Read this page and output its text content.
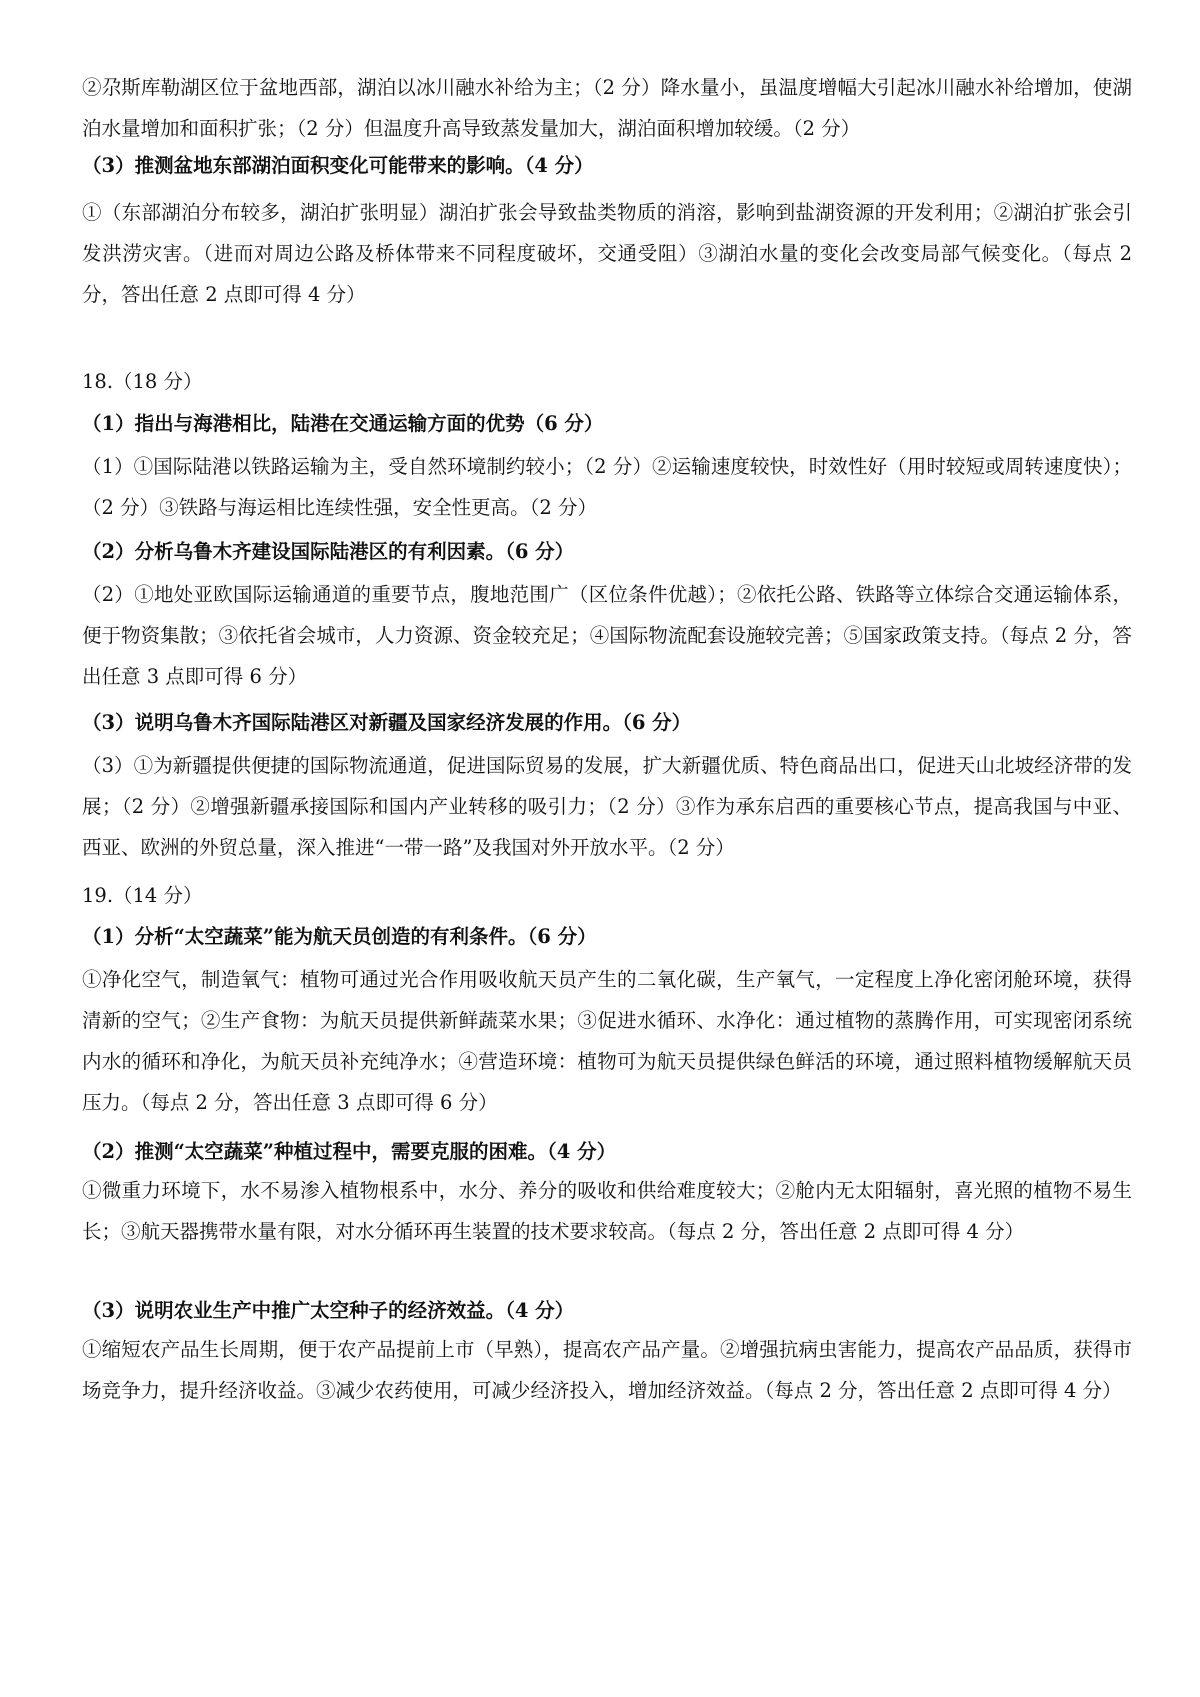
②尕斯库勒湖区位于盆地西部，湖泊以冰川融水补给为主；（2 分）降水量小，虽温度增幅大引起冰川融水补给增加，使湖泊水量增加和面积扩张；（2 分）但温度升高导致蒸发量加大，湖泊面积增加较缓。（2 分）

（3）推测盆地东部湖泊面积变化可能带来的影响。（4 分）

①（东部湖泊分布较多，湖泊扩张明显）湖泊扩张会导致盐类物质的消溶，影响到盐湖资源的开发利用；②湖泊扩张会引发洪涝灾害。（进而对周边公路及桥体带来不同程度破坏，交通受阻）③湖泊水量的变化会改变局部气候变化。（每点 2 分，答出任意 2 点即可得 4 分）

18.（18 分）

（1）指出与海港相比，陆港在交通运输方面的优势（6 分）

（1）①国际陆港以铁路运输为主，受自然环境制约较小；（2 分）②运输速度较快，时效性好（用时较短或周转速度快）；（2 分）③铁路与海运相比连续性强，安全性更高。（2 分）

（2）分析乌鲁木齐建设国际陆港区的有利因素。（6 分）

（2）①地处亚欧国际运输通道的重要节点，腹地范围广（区位条件优越）；②依托公路、铁路等立体综合交通运输体系，便于物资集散；③依托省会城市，人力资源、资金较充足；④国际物流配套设施较完善；⑤国家政策支持。（每点 2 分，答出任意 3 点即可得 6 分）

（3）说明乌鲁木齐国际陆港区对新疆及国家经济发展的作用。（6 分）

（3）①为新疆提供便捷的国际物流通道，促进国际贸易的发展，扩大新疆优质、特色商品出口，促进天山北坡经济带的发展；（2 分）②增强新疆承接国际和国内产业转移的吸引力；（2 分）③作为承东启西的重要核心节点，提高我国与中亚、西亚、欧洲的外贸总量，深入推进“一带一路”及我国对外开放水平。（2 分）

19.（14 分）

（1）分析“太空蔬菜”能为航天员创造的有利条件。（6 分）

①净化空气，制造氧气：植物可通过光合作用吸收航天员产生的二氧化碳，生产氧气，一定程度上净化密闭舱环境，获得清新的空气；②生产食物：为航天员提供新鲜蔬菜水果；③促进水循环、水净化：通过植物的蒸腾作用，可实现密闭系统内水的循环和净化，为航天员补充纯净水；④营造环境：植物可为航天员提供绿色鲜活的环境，通过照料植物缓解航天员压力。（每点 2 分，答出任意 3 点即可得 6 分）

（2）推测“太空蔬菜”种植过程中，需要克服的困难。（4 分）

①微重力环境下，水不易渗入植物根系中，水分、养分的吸收和供给难度较大；②舱内无太阳辐射，喜光照的植物不易生长；③航天器携带水量有限，对水分循环再生装置的技术要求较高。（每点 2 分，答出任意 2 点即可得 4 分）

（3）说明农业生产中推广太空种子的经济效益。（4 分）

①缩短农产品生长周期，便于农产品提前上市（早熟），提高农产品产量。②增强抗病虫害能力，提高农产品品质，获得市场竞争力，提升经济收益。③减少农药使用，可减少经济投入，增加经济效益。（每点 2 分，答出任意 2 点即可得 4 分）
